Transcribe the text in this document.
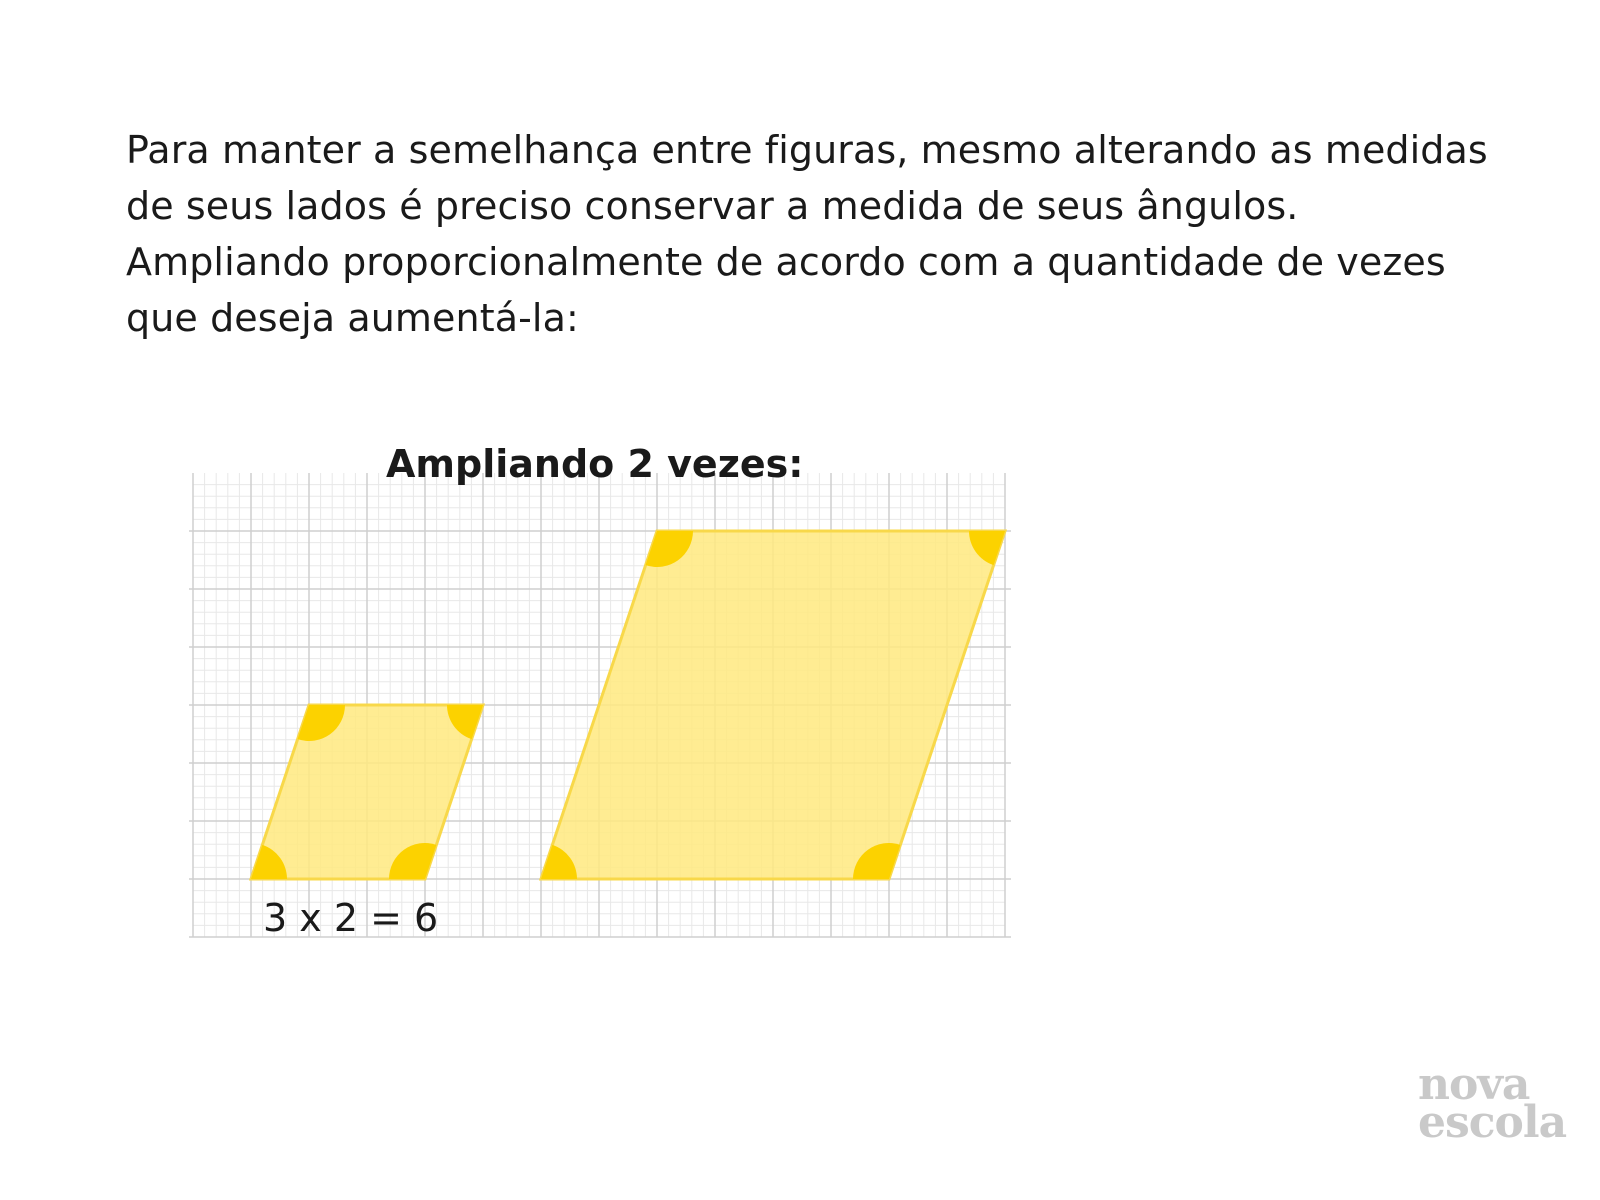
Para manter a semelhança entre figuras, mesmo alterando as medidas
de seus lados é preciso conservar a medida de seus ângulos.
Ampliando proporcionalmente de acordo com a quantidade de vezes
que deseja aumentá-la:
Ampliando 2 vezes:
3 x 2 = 6
nova
escola
